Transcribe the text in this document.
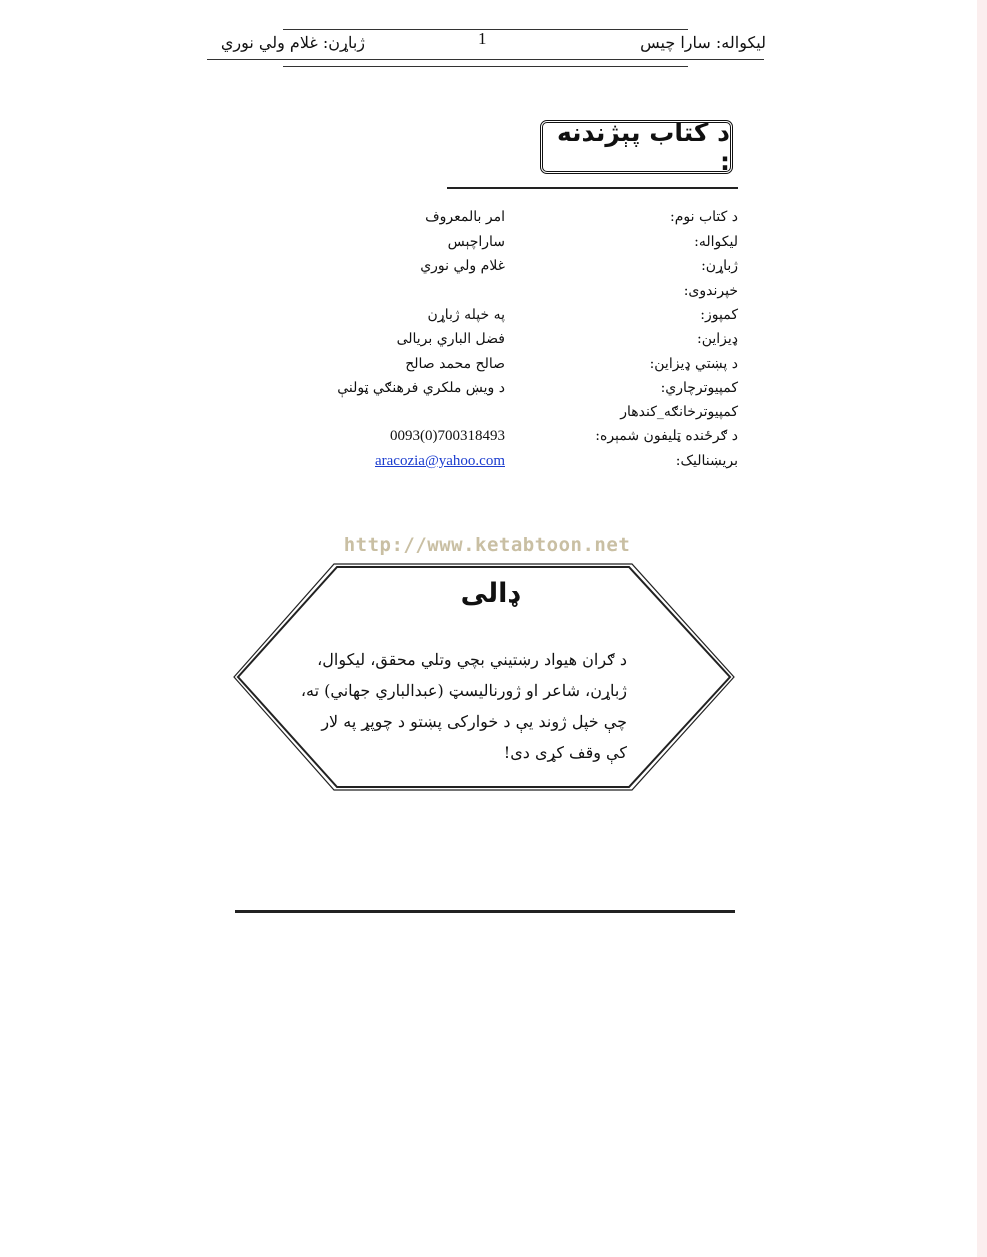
ليکواله: سارا چيس
ژباړن: غلام ولي نوري	1
د کتاب پېژندنه :
د كتاب نوم:
امر بالمعروف
ليکواله:
ساراچېس
ژباړن:
غلام ولي نوري
خپرندوى:
كمپوز:
په خپله ژباړن
ډيزاين:
فضل الباري بريالی
د پښتي ډيزاين:
صالح محمد صالح
كمپيوترچاري:
د ويښ ملكري فرهنګي ټولنې
كمپيوترخانګه_کندهار
د ګرځنده ټليفون شمېره:
0093(0)700318493
بريښناليک:
aracozia@yahoo.com
http://www.ketabtoon.net
ډالی
د ګران هيواد رښتيني بچي وتلي محقق، ليکوال،
ژباړن، شاعر او ژورناليسټ (عبدالباري جهاني) ته،
چې خپل ژوند يې د خوارکی پښتو د چوپړ په لار
کې وقف کړی دی!
